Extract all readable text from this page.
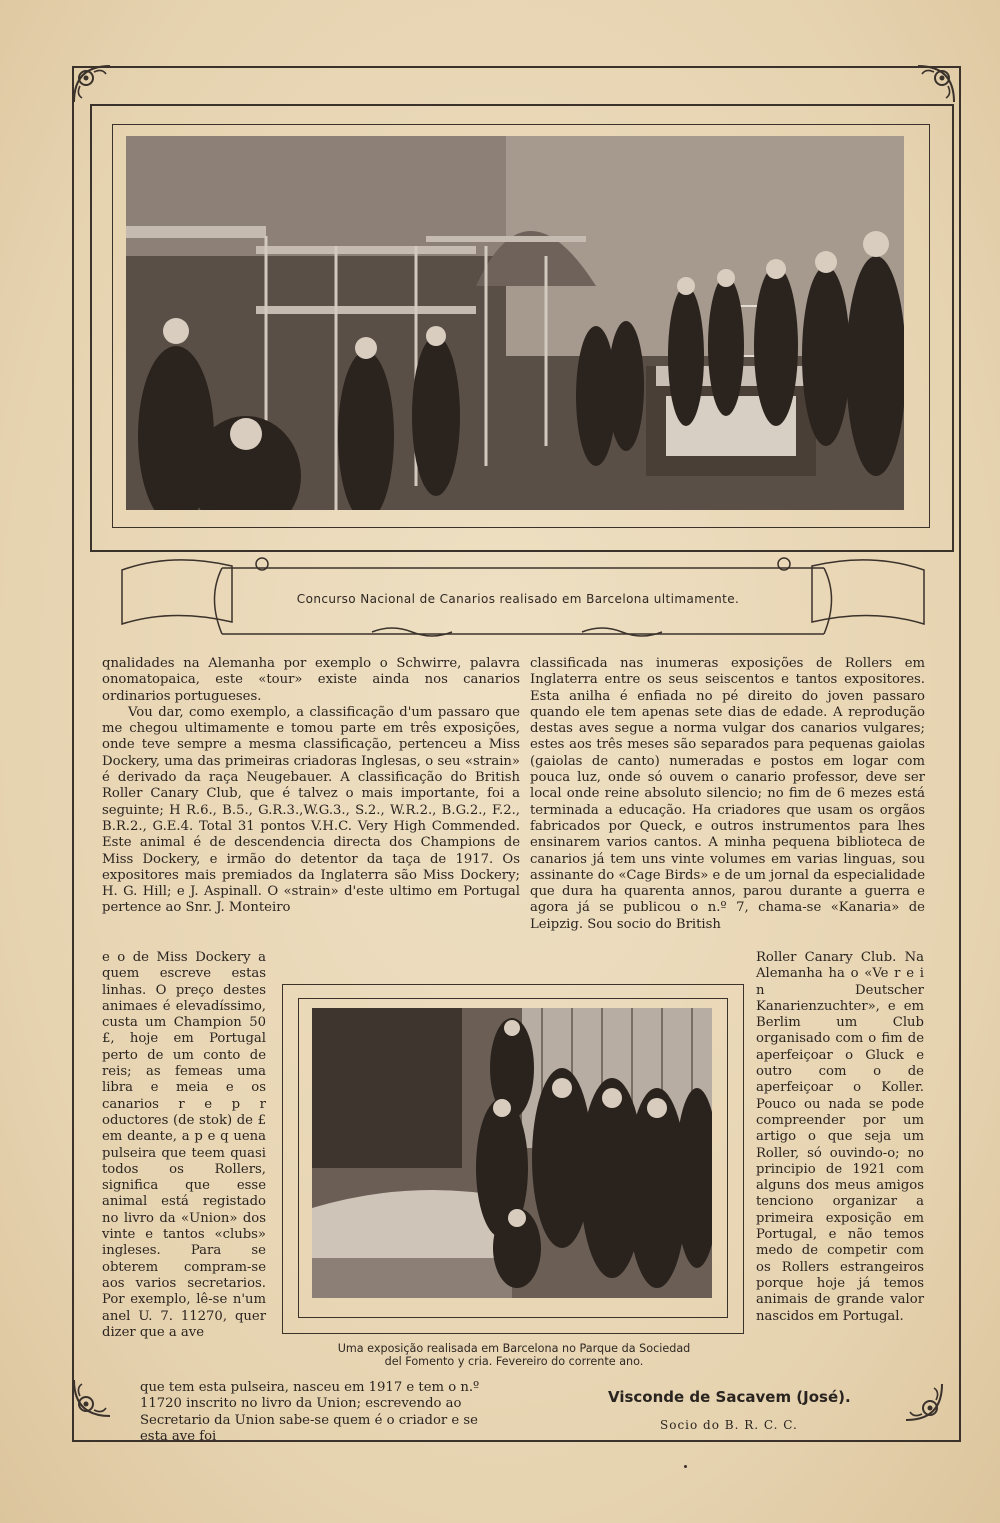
Concurso Nacional de Canarios realisado em Barcelona ultimamente.

qnalidades na Alemanha por exemplo o Schwirre, palavra onomatopaica, este «tour» existe ainda nos canarios ordinarios portugueses.

Vou dar, como exemplo, a classificação d'um passaro que me chegou ultimamente e tomou parte em três exposições, onde teve sempre a mesma classificação, pertenceu a Miss Dockery, uma das primeiras criadoras Inglesas, o seu «strain» é derivado da raça Neugebauer. A classificação do British Roller Canary Club, que é talvez o mais importante, foi a seguinte; H R.6., B.5., G.R.3.,W.G.3., S.2., W.R.2., B.G.2., F.2., B.R.2., G.E.4. Total 31 pontos V.H.C. Very High Commended. Este animal é de descendencia directa dos Champions de Miss Dockery, e irmão do detentor da taça de 1917. Os expositores mais premiados da Inglaterra são Miss Dockery; H. G. Hill; e J. Aspinall. O «strain» d'este ultimo em Portugal pertence ao Snr. J. Monteiro

e o de Miss Dockery a quem escreve estas linhas. O preço destes animaes é elevadíssimo, custa um Champion 50 £, hoje em Portugal perto de um conto de reis; as femeas uma libra e meia e os canarios r e p r oductores (de stok) de £ em deante, a p e q uena pulseira que teem quasi todos os Rollers, significa que esse animal está registado no livro da «Union» dos vinte e tantos «clubs» ingleses. Para se obterem compram-se aos varios secretarios. Por exemplo, lê-se n'um anel U. 7. 11270, quer dizer que a ave
classificada nas inumeras exposições de Rollers em Inglaterra entre os seus seiscentos e tantos expositores. Esta anilha é enfiada no pé direito do joven passaro quando ele tem apenas sete dias de edade. A reprodução destas aves segue a norma vulgar dos canarios vulgares; estes aos três meses são separados para pequenas gaiolas (gaiolas de canto) numeradas e postos em logar com pouca luz, onde só ouvem o canario professor, deve ser local onde reine absoluto silencio; no fim de 6 mezes está terminada a educação. Ha criadores que usam os orgãos fabricados por Queck, e outros instrumentos para lhes ensinarem varios cantos. A minha pequena biblioteca de canarios já tem uns vinte volumes em varias linguas, sou assinante do «Cage Birds» e de um jornal da especialidade que dura ha quarenta annos, parou durante a guerra e agora já se publicou o n.º 7, chama-se «Kanaria» de Leipzig. Sou socio do British
Roller Canary Club. Na Alemanha ha o «Ve r e i n Deutscher Kanarienzuchter», e em Berlim um Club organisado com o fim de aperfeiçoar o Gluck e outro com o de aperfeiçoar o Koller. Pouco ou nada se pode compreender por um artigo o que seja um Roller, só ouvindo-o; no principio de 1921 com alguns dos meus amigos tenciono organizar a primeira exposição em Portugal, e não temos medo de competir com os Rollers estrangeiros porque hoje já temos animais de grande valor nascidos em Portugal.
Uma exposição realisada em Barcelona no Parque da Sociedad
del Fomento y cria. Fevereiro do corrente ano.
que tem esta pulseira, nasceu em 1917 e tem o n.º 11720 inscrito no livro da Union; escrevendo ao Secretario da Union sabe-se quem é o criador e se esta ave foi
Visconde de Sacavem (José).
Socio do B. R. C. C.
